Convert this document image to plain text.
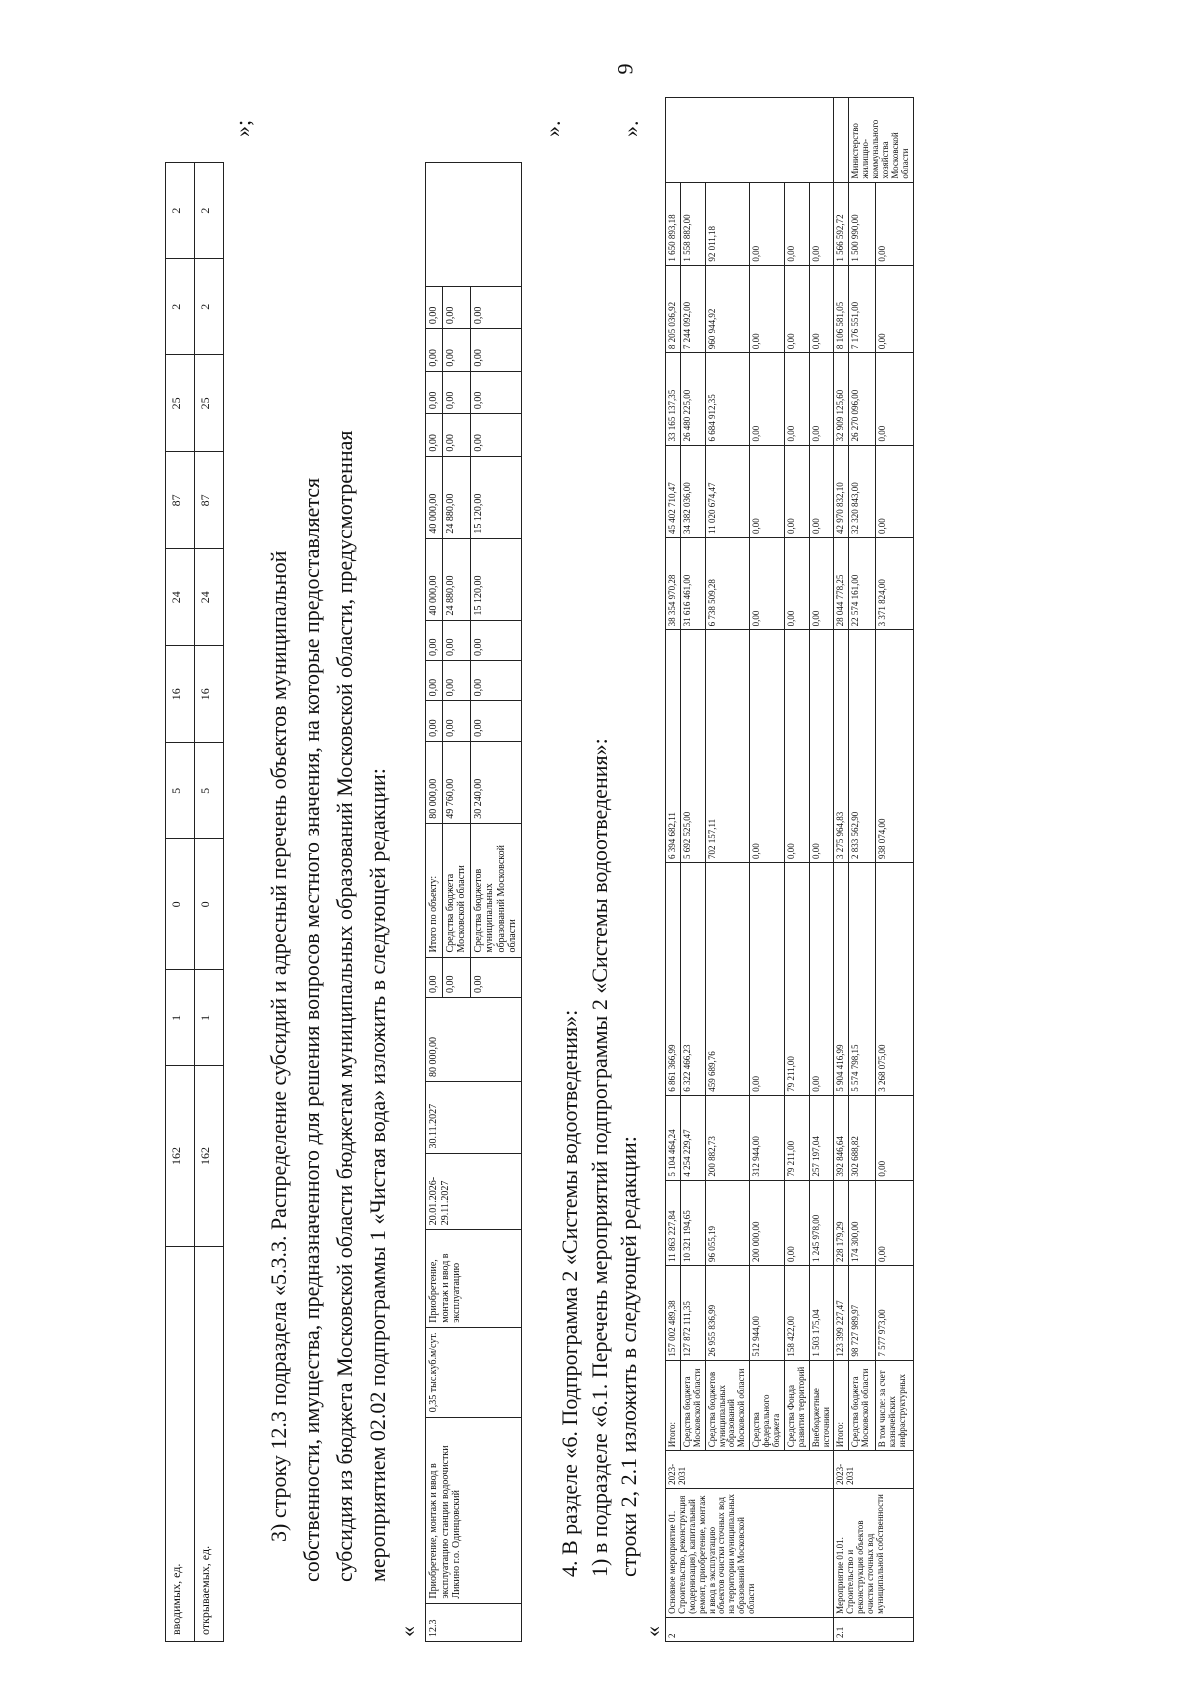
9
вводимых, ед.	162	1	0	5	16	24	87	25	2	2
открываемых, ед.	162	1	0	5	16	24	87	25	2	2
»;

3) строку 12.3 подраздела «5.3.3. Распределение субсидий и адресный перечень объектов муниципальной собственности, имущества, предназначенного для решения вопросов местного значения, на которые предоставляется субсидия из бюджета Московской области бюджетам муниципальных образований Московской области, предусмотренная мероприятием 02.02 подпрограммы 1 «Чистая вода» изложить в следующей редакции:

« 12.3	Приобретение, монтаж и ввод в эксплуатацию станции водоочистки Ликино г.о. Одинцовский	0,35 тыс.куб.м/сут.	Приобретение, монтаж и ввод в эксплуатацию	20.01.2026-29.11.2027	30.11.2027	80 000,00	0,00	Итого по объекту:	80 000,00	0,00	0,00	0,00	40 000,00	40 000,00	0,00	0,00	0,00	0,00	
							0,00	Средства бюджета Московской области	49 760,00	0,00	0,00	0,00	24 880,00	24 880,00	0,00	0,00	0,00	0,00	
							0,00	Средства бюджетов муниципальных образований Московской области	30 240,00	0,00	0,00	0,00	15 120,00	15 120,00	0,00	0,00	0,00	0,00	
».

4. В разделе «6. Подпрограмма 2 «Системы водоотведения»: 1) в подразделе «6.1. Перечень мероприятий подпрограммы 2 «Системы водоотведения»: строки 2, 2.1 изложить в следующей редакции:

« 2	Основное мероприятие 01. Строительство, реконструкция (модернизация), капитальный ремонт, приобретение, монтаж и ввод в эксплуатацию объектов очистки сточных вод на территории муниципальных образований Московской области	2023-2031	Итого:	157 002 489,38	11 863 227,84	5 104 464,24	6 861 366,99	6 394 682,11	38 354 970,28	45 402 710,47	33 165 137,35	8 205 036,92	1 650 893,18	
			Средства бюджета Московской области	127 872 111,35	10 321 194,65	4 254 229,47	6 322 466,23	5 692 525,00	31 616 461,00	34 382 036,00	26 480 225,00	7 244 092,00	1 558 882,00	
			Средства бюджетов муниципальных образований Московской области	26 955 836,99	96 055,19	200 882,73	459 689,76	702 157,11	6 738 509,28	11 020 674,47	6 684 912,35	960 944,92	92 011,18	
			Средства федерального бюджета	512 944,00	200 000,00	312 944,00	0,00	0,00	0,00	0,00	0,00	0,00	0,00	
			Средства Фонда развития территорий	158 422,00	0,00	79 211,00	79 211,00	0,00	0,00	0,00	0,00	0,00	0,00	
			Внебюджетные источники	1 503 175,04	1 245 978,00	257 197,04	0,00	0,00	0,00	0,00	0,00	0,00	0,00	
2.1	Мероприятие 01.01. Строительство и реконструкция объектов очистки сточных вод муниципальной собственности	2023-2031	Итого:	123 399 227,47	228 179,29	392 846,64	5 904 416,99	3 275 964,83	28 044 778,25	42 970 832,10	32 909 125,60	8 106 581,05	1 566 592,72	
			Средства бюджета Московской области	98 727 989,97	174 300,00	302 688,82	5 574 798,15	2 833 562,90	22 574 161,00	32 320 843,00	26 270 096,00	7 176 551,00	1 500 990,00	Министерство жилищно-коммунального хозяйства Московской области
			В том числе: за счет казначейских инфраструктурных	7 577 973,00	0,00	0,00	3 268 075,00	938 074,00	3 371 824,00	0,00	0,00	0,00	0,00	
».
